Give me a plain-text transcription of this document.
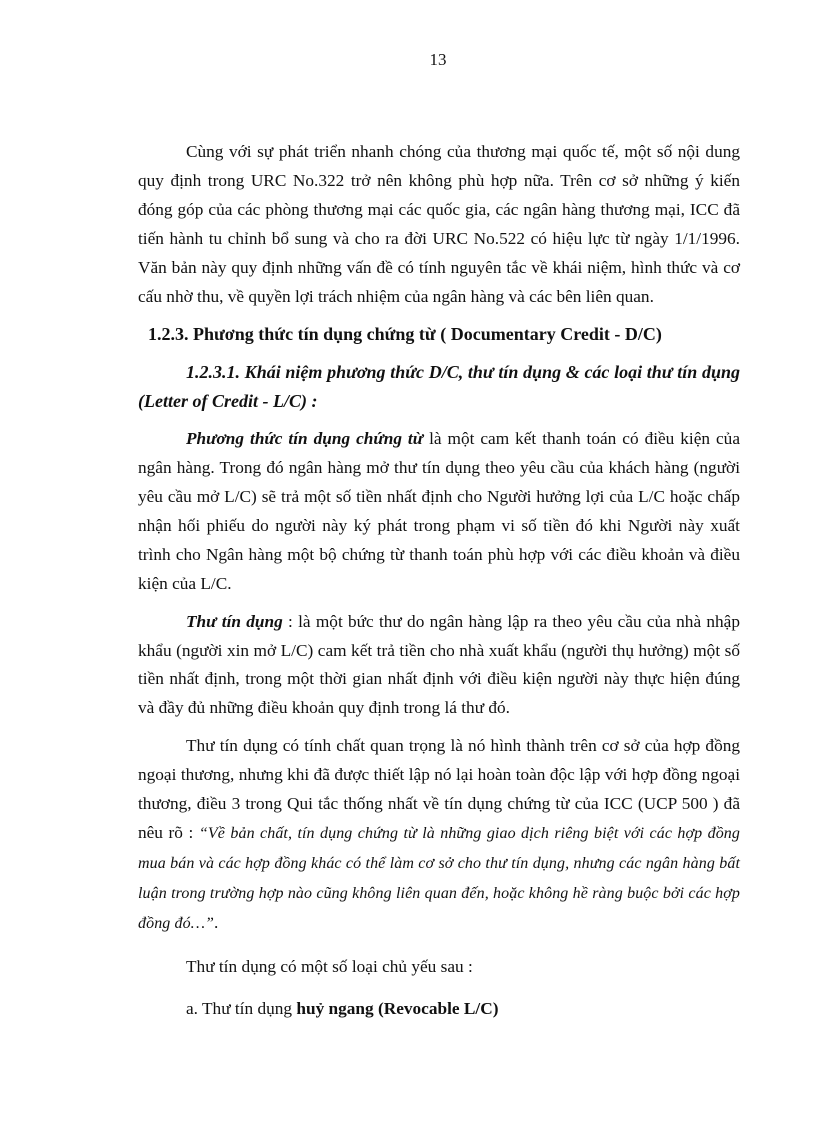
13

Cùng với sự phát triển nhanh chóng của thương mại quốc tế, một số nội dung quy định trong URC No.322 trở nên không phù hợp nữa. Trên cơ sở những ý kiến đóng góp của các phòng thương mại các quốc gia, các ngân hàng thương mại, ICC đã tiến hành tu chỉnh bổ sung và cho ra đời URC No.522 có hiệu lực từ ngày 1/1/1996. Văn bản này quy định những vấn đề có tính nguyên tắc về khái niệm, hình thức và cơ cấu nhờ thu, về quyền lợi trách nhiệm của ngân hàng và các bên liên quan.

1.2.3. Phương thức tín dụng chứng từ ( Documentary Credit - D/C)

1.2.3.1. Khái niệm phương thức D/C, thư tín dụng & các loại thư tín dụng (Letter of Credit - L/C) :

Phương thức tín dụng chứng từ là một cam kết thanh toán có điều kiện của ngân hàng. Trong đó ngân hàng mở thư tín dụng theo yêu cầu của khách hàng (người yêu cầu mở L/C) sẽ trả một số tiền nhất định cho Người hưởng lợi của L/C hoặc chấp nhận hối phiếu do người này ký phát trong phạm vi số tiền đó khi Người này xuất trình cho Ngân hàng một bộ chứng từ thanh toán phù hợp với các điều khoản và điều kiện của L/C.

Thư tín dụng : là một bức thư do ngân hàng lập ra theo yêu cầu của nhà nhập khẩu (người xin mở L/C) cam kết trả tiền cho nhà xuất khẩu (người thụ hưởng) một số tiền nhất định, trong một thời gian nhất định với điều kiện người này thực hiện đúng và đầy đủ những điều khoản quy định trong lá thư đó.

Thư tín dụng có tính chất quan trọng là nó hình thành trên cơ sở của hợp đồng ngoại thương, nhưng khi đã được thiết lập nó lại hoàn toàn độc lập với hợp đồng ngoại thương, điều 3 trong Qui tắc thống nhất về tín dụng chứng từ của ICC (UCP 500 ) đã nêu rõ : “Về bản chất, tín dụng chứng từ là những giao dịch riêng biệt với các hợp đồng mua bán và các hợp đồng khác có thể làm cơ sở cho thư tín dụng, nhưng các ngân hàng bất luận trong trường hợp nào cũng không liên quan đến, hoặc không hề ràng buộc bởi các hợp đồng đó…”.

Thư tín dụng có một số loại chủ yếu sau :

a. Thư tín dụng huỷ ngang (Revocable L/C)
